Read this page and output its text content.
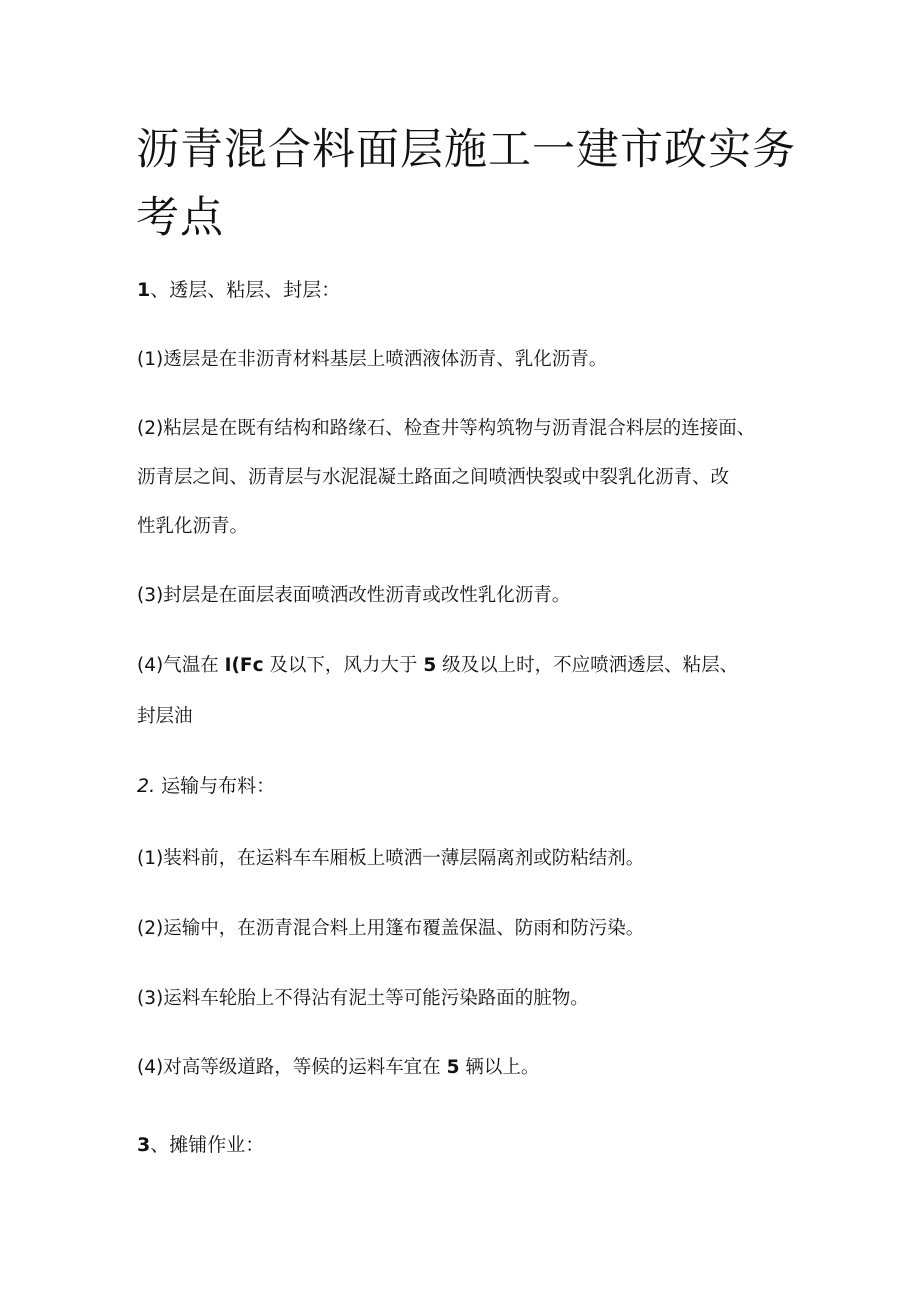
沥青混合料面层施工一建市政实务
考点
1、透层、粘层、封层：
(1)透层是在非沥青材料基层上喷洒液体沥青、乳化沥青。
(2)粘层是在既有结构和路缘石、检查井等构筑物与沥青混合料层的连接面、
沥青层之间、沥青层与水泥混凝土路面之间喷洒快裂或中裂乳化沥青、改
性乳化沥青。
(3)封层是在面层表面喷洒改性沥青或改性乳化沥青。
(4)气温在 I(Fc 及以下，风力大于 5 级及以上时，不应喷洒透层、粘层、
封层油
2. 运输与布料：
(1)装料前，在运料车车厢板上喷洒一薄层隔离剂或防粘结剂。
(2)运输中，在沥青混合料上用篷布覆盖保温、防雨和防污染。
(3)运料车轮胎上不得沾有泥土等可能污染路面的脏物。
(4)对高等级道路，等候的运料车宜在 5 辆以上。
3、摊铺作业：
